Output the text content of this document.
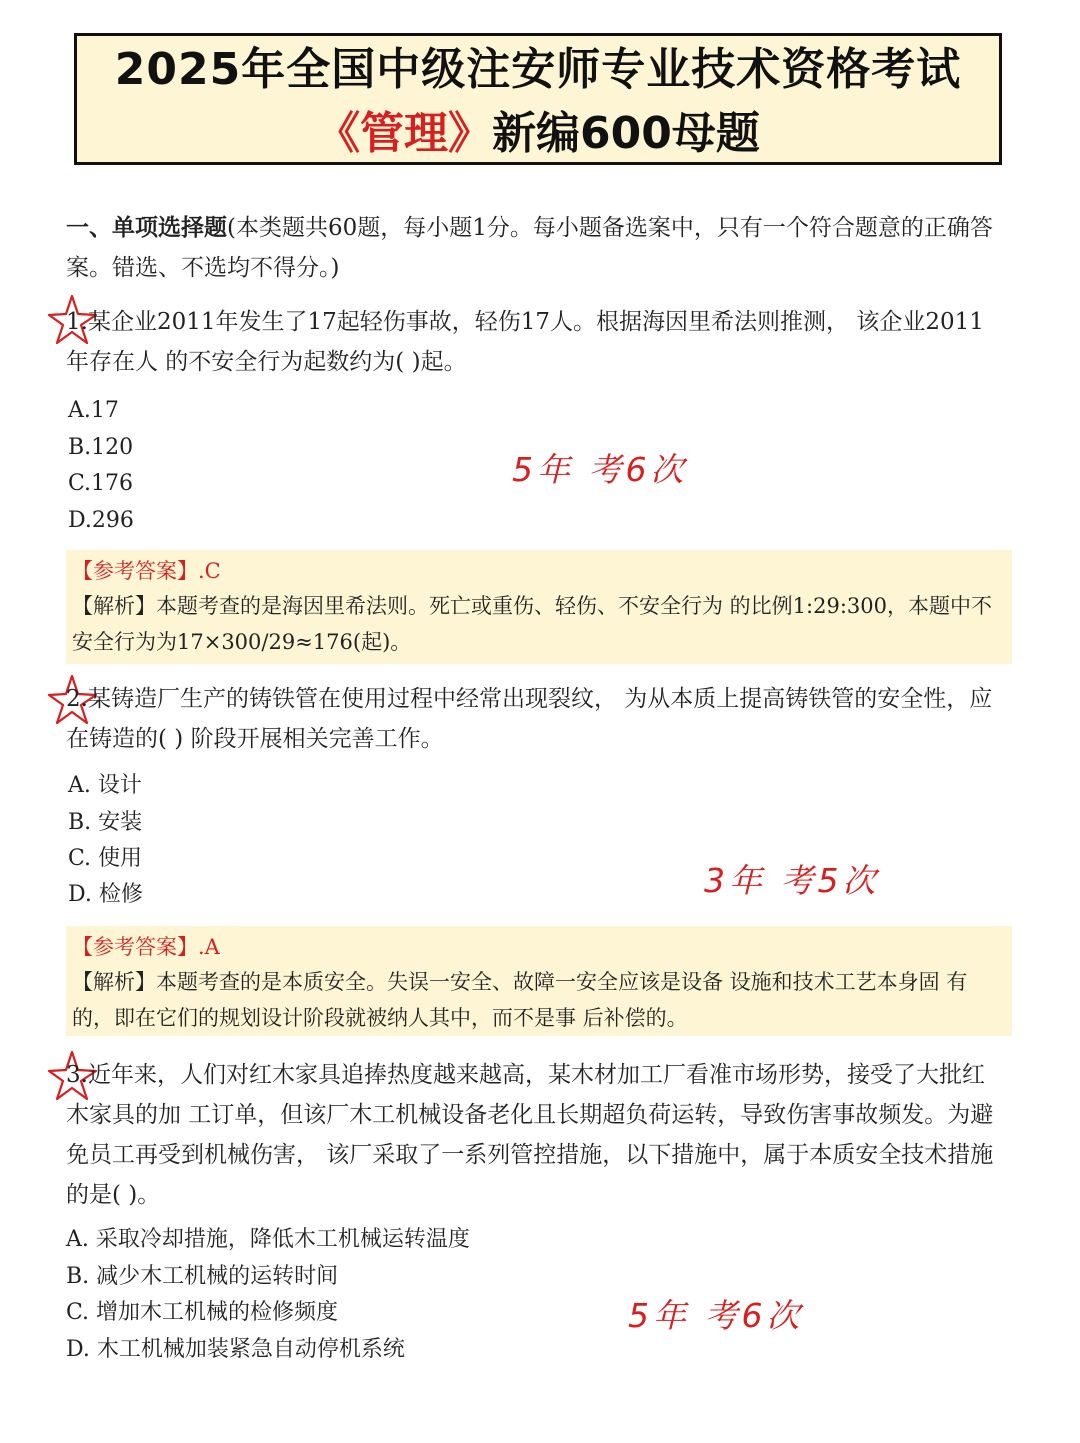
2025年全国中级注安师专业技术资格考试
《管理》新编600母题
一、单项选择题(本类题共60题，每小题1分。每小题备选案中，只有一个符合题意的正确答案。错选、不选均不得分。)
1.某企业2011年发生了17起轻伤事故，轻伤17人。根据海因里希法则推测， 该企业2011年存在人 的不安全行为起数约为( )起。
A.17
B.120
C.176
D.296
5年 考6次
【参考答案】.C
【解析】本题考查的是海因里希法则。死亡或重伤、轻伤、不安全行为 的比例1:29:300，本题中不安全行为为17×300/29≈176(起)。
2.某铸造厂生产的铸铁管在使用过程中经常出现裂纹， 为从本质上提高铸铁管的安全性，应在铸造的( ) 阶段开展相关完善工作。
A. 设计
B. 安装
C. 使用
D. 检修	3年 考5次
【参考答案】.A
【解析】本题考查的是本质安全。失误一安全、故障一安全应该是设备 设施和技术工艺本身固 有的，即在它们的规划设计阶段就被纳人其中，而不是事 后补偿的。
3.近年来，人们对红木家具追捧热度越来越高，某木材加工厂看准市场形势，接受了大批红木家具的加 工订单，但该厂木工机械设备老化且长期超负荷运转，导致伤害事故频发。为避免员工再受到机械伤害， 该厂采取了一系列管控措施，以下措施中，属于本质安全技术措施的是( )。
A. 采取冷却措施，降低木工机械运转温度
B. 减少木工机械的运转时间
C. 增加木工机械的检修频度
D. 木工机械加装紧急自动停机系统
5年 考6次
